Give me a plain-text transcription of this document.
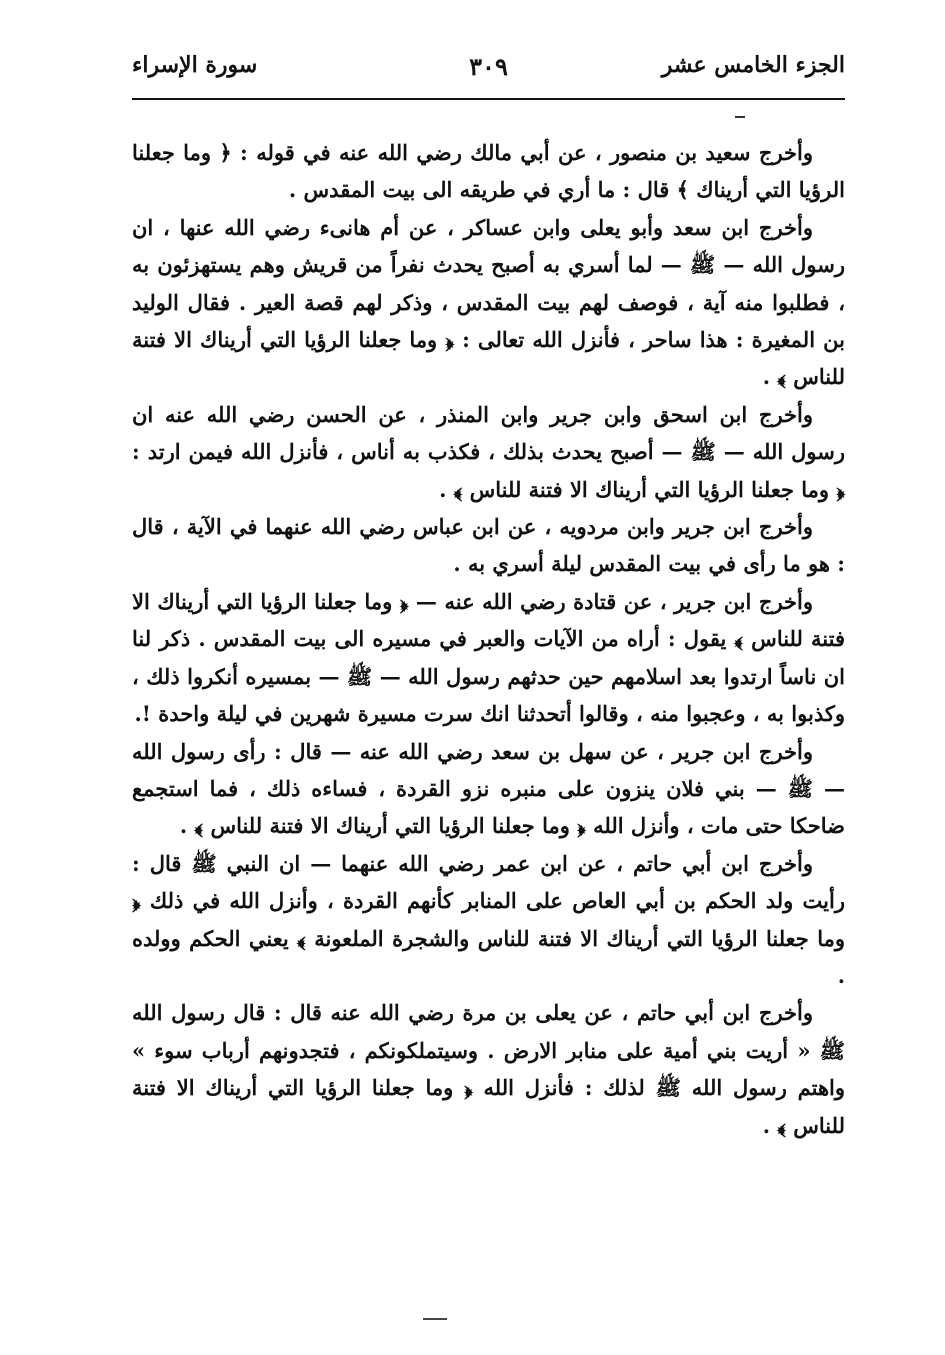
الجزء الخامس عشر
٣٠٩
سورة الإسراء

وأخرج سعيد بن منصور ، عن أبي مالك رضي الله عنه في قوله : ﴿ وما جعلنا الرؤيا التي أريناك ﴾ قال : ما أري في طريقه الى بيت المقدس .

وأخرج ابن سعد وأبو يعلى وابن عساكر ، عن أم هانىء رضي الله عنها ، ان رسول الله — ﷺ — لما أسري به أصبح يحدث نفراً من قريش وهم يستهزئون به ، فطلبوا منه آية ، فوصف لهم بيت المقدس ، وذكر لهم قصة العير . فقال الوليد بن المغيرة : هذا ساحر ، فأنزل الله تعالى : ﴿ وما جعلنا الرؤيا التي أريناك الا فتنة للناس ﴾ .

وأخرج ابن اسحق وابن جرير وابن المنذر ، عن الحسن رضي الله عنه ان رسول الله — ﷺ — أصبح يحدث بذلك ، فكذب به أناس ، فأنزل الله فيمن ارتد : ﴿ وما جعلنا الرؤيا التي أريناك الا فتنة للناس ﴾ .

وأخرج ابن جرير وابن مردويه ، عن ابن عباس رضي الله عنهما في الآية ، قال : هو ما رأى في بيت المقدس ليلة أسري به .

وأخرج ابن جرير ، عن قتادة رضي الله عنه — ﴿ وما جعلنا الرؤيا التي أريناك الا فتنة للناس ﴾ يقول : أراه من الآيات والعبر في مسيره الى بيت المقدس . ذكر لنا ان ناساً ارتدوا بعد اسلامهم حين حدثهم رسول الله — ﷺ — بمسيره أنكروا ذلك ، وكذبوا به ، وعجبوا منه ، وقالوا أتحدثنا انك سرت مسيرة شهرين في ليلة واحدة !.

وأخرج ابن جرير ، عن سهل بن سعد رضي الله عنه — قال : رأى رسول الله — ﷺ — بني فلان ينزون على منبره نزو القردة ، فساءه ذلك ، فما استجمع ضاحكا حتى مات ، وأنزل الله ﴿ وما جعلنا الرؤيا التي أريناك الا فتنة للناس ﴾ .

وأخرج ابن أبي حاتم ، عن ابن عمر رضي الله عنهما — ان النبي ﷺ قال : رأيت ولد الحكم بن أبي العاص على المنابر كأنهم القردة ، وأنزل الله في ذلك ﴿ وما جعلنا الرؤيا التي أريناك الا فتنة للناس والشجرة الملعونة ﴾ يعني الحكم وولده .

وأخرج ابن أبي حاتم ، عن يعلى بن مرة رضي الله عنه قال : قال رسول الله ﷺ « أريت بني أمية على منابر الارض . وسيتملكونكم ، فتجدونهم أرباب سوء » واهتم رسول الله ﷺ لذلك : فأنزل الله ﴿ وما جعلنا الرؤيا التي أريناك الا فتنة للناس ﴾ .
